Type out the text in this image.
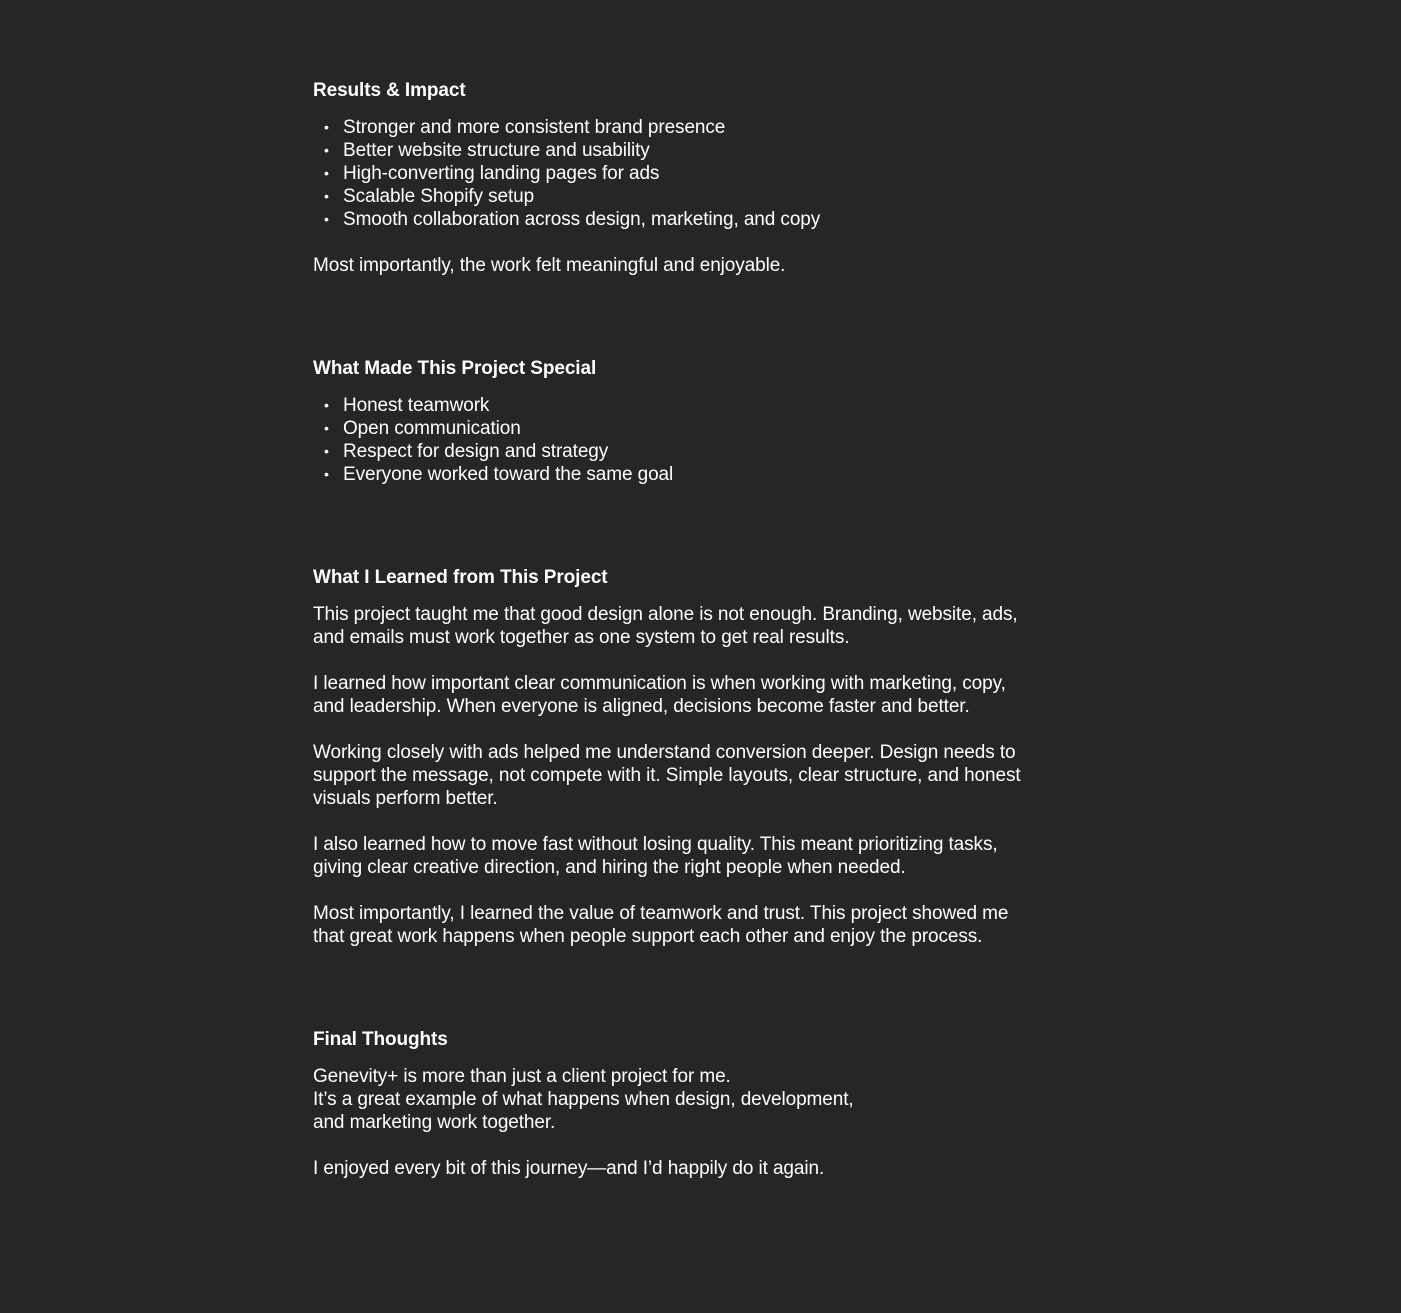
Results & Impact
• Stronger and more consistent brand presence
• Better website structure and usability
• High-converting landing pages for ads
• Scalable Shopify setup
• Smooth collaboration across design, marketing, and copy

Most importantly, the work felt meaningful and enjoyable.

What Made This Project Special
• Honest teamwork
• Open communication
• Respect for design and strategy
• Everyone worked toward the same goal
What I Learned from This Project

This project taught me that good design alone is not enough. Branding, website, ads, and emails must work together as one system to get real results.

I learned how important clear communication is when working with marketing, copy, and leadership. When everyone is aligned, decisions become faster and better.

Working closely with ads helped me understand conversion deeper. Design needs to support the message, not compete with it. Simple layouts, clear structure, and honest visuals perform better.

I also learned how to move fast without losing quality. This meant prioritizing tasks, giving clear creative direction, and hiring the right people when needed.

Most importantly, I learned the value of teamwork and trust. This project showed me that great work happens when people support each other and enjoy the process.

Final Thoughts

Genevity+ is more than just a client project for me.
It’s a great example of what happens when design, development,
and marketing work together.

I enjoyed every bit of this journey—and I’d happily do it again.
